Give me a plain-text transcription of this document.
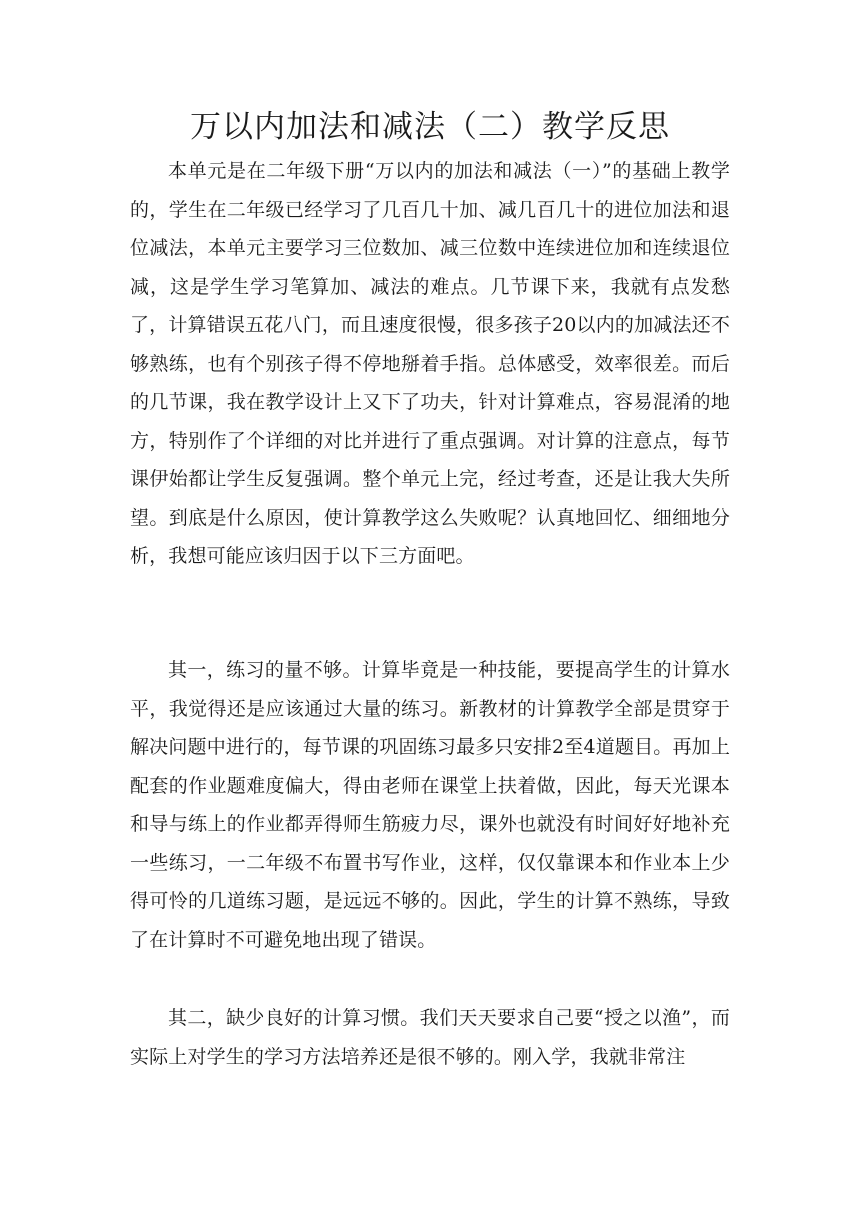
万以内加法和减法（二）教学反思

本单元是在二年级下册“万以内的加法和减法（一）”的基础上教学的，学生在二年级已经学习了几百几十加、减几百几十的进位加法和退位减法，本单元主要学习三位数加、减三位数中连续进位加和连续退位减，这是学生学习笔算加、减法的难点。几节课下来，我就有点发愁了，计算错误五花八门，而且速度很慢，很多孩子20以内的加减法还不够熟练，也有个别孩子得不停地掰着手指。总体感受，效率很差。而后的几节课，我在教学设计上又下了功夫，针对计算难点，容易混淆的地方，特别作了个详细的对比并进行了重点强调。对计算的注意点，每节课伊始都让学生反复强调。整个单元上完，经过考查，还是让我大失所望。到底是什么原因，使计算教学这么失败呢？认真地回忆、细细地分析，我想可能应该归因于以下三方面吧。

其一，练习的量不够。计算毕竟是一种技能，要提高学生的计算水平，我觉得还是应该通过大量的练习。新教材的计算教学全部是贯穿于解决问题中进行的，每节课的巩固练习最多只安排2至4道题目。再加上配套的作业题难度偏大，得由老师在课堂上扶着做，因此，每天光课本和导与练上的作业都弄得师生筋疲力尽，课外也就没有时间好好地补充一些练习，一二年级不布置书写作业，这样，仅仅靠课本和作业本上少得可怜的几道练习题，是远远不够的。因此，学生的计算不熟练，导致了在计算时不可避免地出现了错误。

其二，缺少良好的计算习惯。我们天天要求自己要“授之以渔”，而实际上对学生的学习方法培养还是很不够的。刚入学，我就非常注
